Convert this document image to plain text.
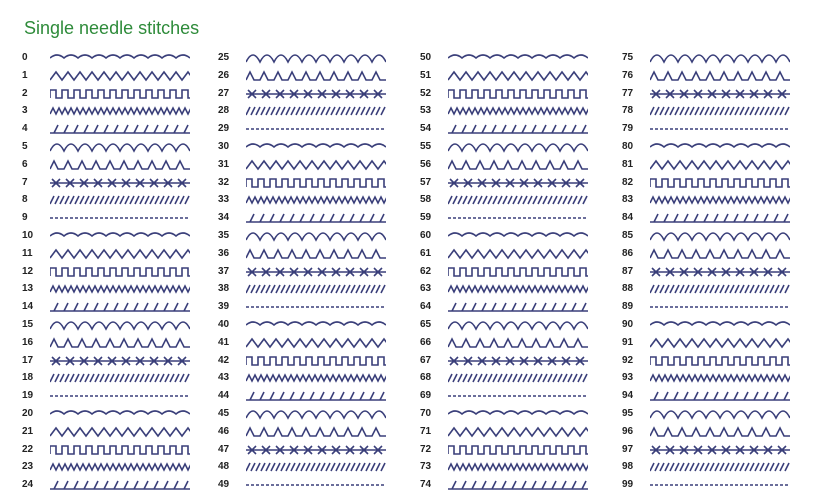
Single needle stitches
0
1
2
3
4
5
6
7
8
9
10
11
12
13
14
15
16
17
18
19
20
21
22
23
24
25
26
27
28
29
30
31
32
33
34
35
36
37
38
39
40
41
42
43
44
45
46
47
48
49
50
51
52
53
54
55
56
57
58
59
60
61
62
63
64
65
66
67
68
69
70
71
72
73
74
75
76
77
78
79
80
81
82
83
84
85
86
87
88
89
90
91
92
93
94
95
96
97
98
99
